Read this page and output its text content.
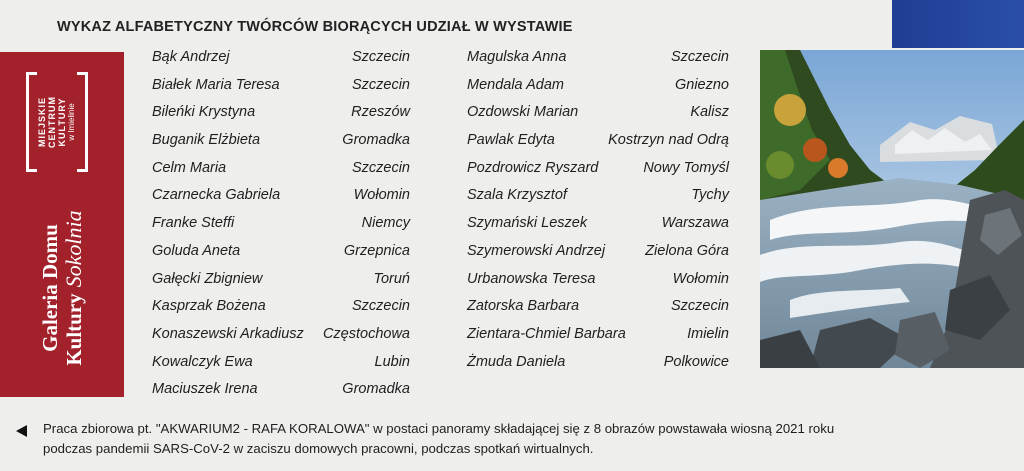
WYKAZ ALFABETYCZNY TWÓRCÓW BIORĄCYCH UDZIAŁ W WYSTAWIE
MIEJSKIE CENTRUM KULTURY w Imielinie
Galeria Domu KulturySokolnia
Bąk Andrzej	Szczecin
Białek Maria Teresa	Szczecin
Bileńki Krystyna	Rzeszów
Buganik Elżbieta	Gromadka
Celm Maria	Szczecin
Czarnecka Gabriela	Wołomin
Franke Steffi	Niemcy
Goluda Aneta	Grzepnica
Gałęcki Zbigniew	Toruń
Kasprzak Bożena	Szczecin
Konaszewski Arkadiusz Częstochowa
Kowalczyk Ewa	Lubin
Maciuszek Irena	Gromadka
Magulska Anna	Szczecin
Mendala Adam	Gniezno
Ozdowski Marian	Kalisz
Pawlak Edyta	Kostrzyn nad Odrą
Pozdrowicz Ryszard	Nowy Tomyśl
Szala Krzysztof	Tychy
Szymański Leszek	Warszawa
Szymerowski Andrzej	Zielona Góra
Urbanowska Teresa	Wołomin
Zatorska Barbara	Szczecin
Zientara-Chmiel Barbara	Imielin
Żmuda Daniela	Polkowice
Praca zbiorowa pt. "AKWARIUM2 - RAFA KORALOWA" w postaci panoramy składającej się z 8 obrazów powstawała wiosną 2021 roku
podczas pandemii SARS-CoV-2 w zaciszu domowych pracowni, podczas spotkań wirtualnych.
